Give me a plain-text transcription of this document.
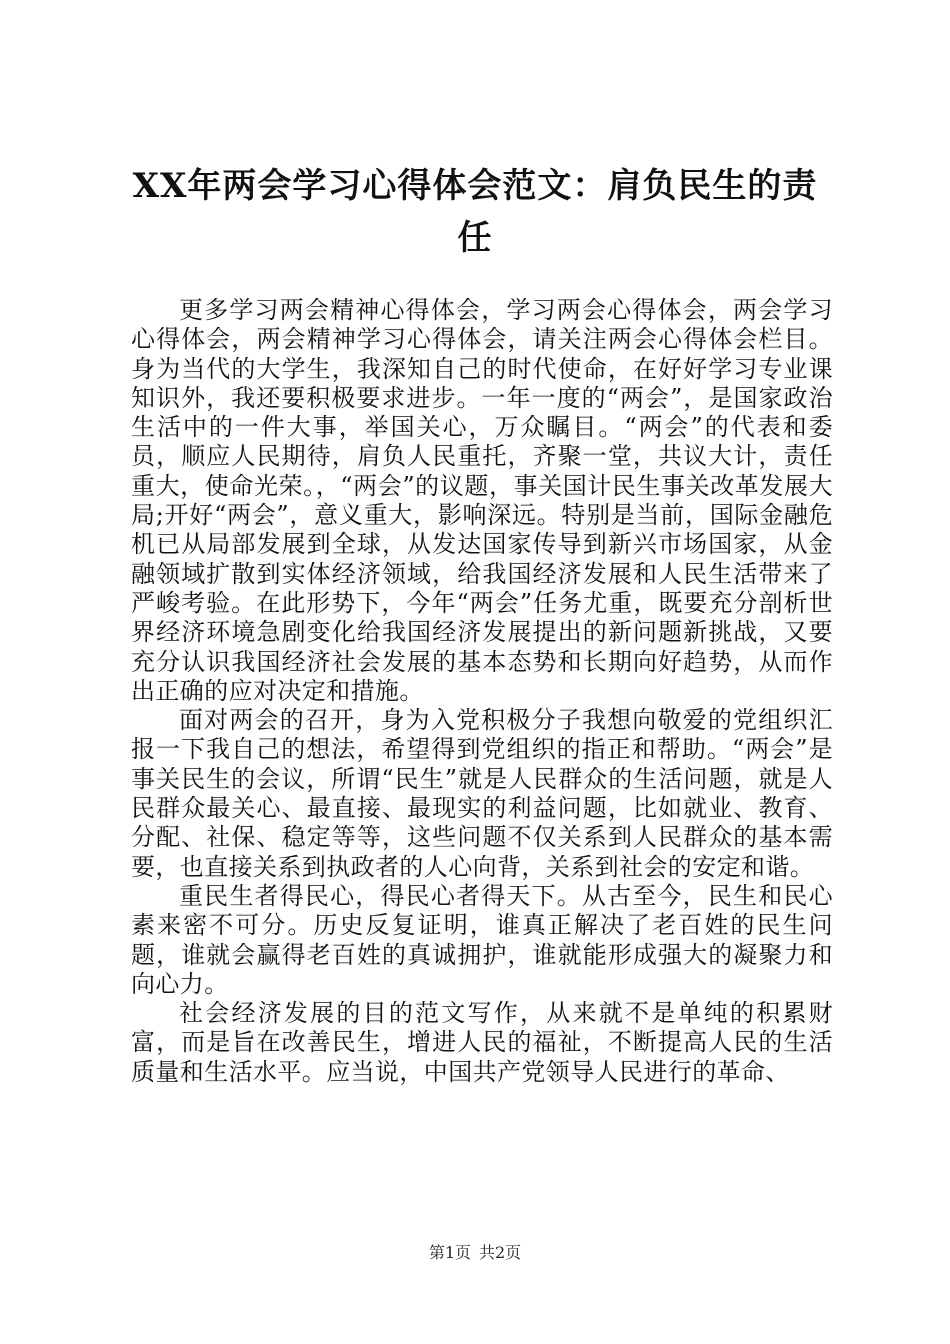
XX年两会学习心得体会范文：肩负民生的责任

更多学习两会精神心得体会，学习两会心得体会，两会学习心得体会，两会精神学习心得体会，请关注两会心得体会栏目。身为当代的大学生，我深知自己的时代使命，在好好学习专业课知识外，我还要积极要求进步。一年一度的“两会”，是国家政治生活中的一件大事，举国关心，万众瞩目。“两会”的代表和委员，顺应人民期待，肩负人民重托，齐聚一堂，共议大计，责任重大，使命光荣。，“两会”的议题，事关国计民生事关改革发展大局;开好“两会”，意义重大，影响深远。特别是当前，国际金融危机已从局部发展到全球，从发达国家传导到新兴市场国家，从金融领域扩散到实体经济领域，给我国经济发展和人民生活带来了严峻考验。在此形势下，今年“两会”任务尤重，既要充分剖析世界经济环境急剧变化给我国经济发展提出的新问题新挑战，又要充分认识我国经济社会发展的基本态势和长期向好趋势，从而作出正确的应对决定和措施。

面对两会的召开，身为入党积极分子我想向敬爱的党组织汇报一下我自己的想法，希望得到党组织的指正和帮助。“两会”是事关民生的会议，所谓“民生”就是人民群众的生活问题，就是人民群众最关心、最直接、最现实的利益问题，比如就业、教育、分配、社保、稳定等等，这些问题不仅关系到人民群众的基本需要，也直接关系到执政者的人心向背，关系到社会的安定和谐。

重民生者得民心，得民心者得天下。从古至今，民生和民心素来密不可分。历史反复证明，谁真正解决了老百姓的民生问题，谁就会赢得老百姓的真诚拥护，谁就能形成强大的凝聚力和向心力。

社会经济发展的目的范文写作，从来就不是单纯的积累财富，而是旨在改善民生，增进人民的福祉，不断提高人民的生活质量和生活水平。应当说，中国共产党领导人民进行的革命、

第1页 共2页
